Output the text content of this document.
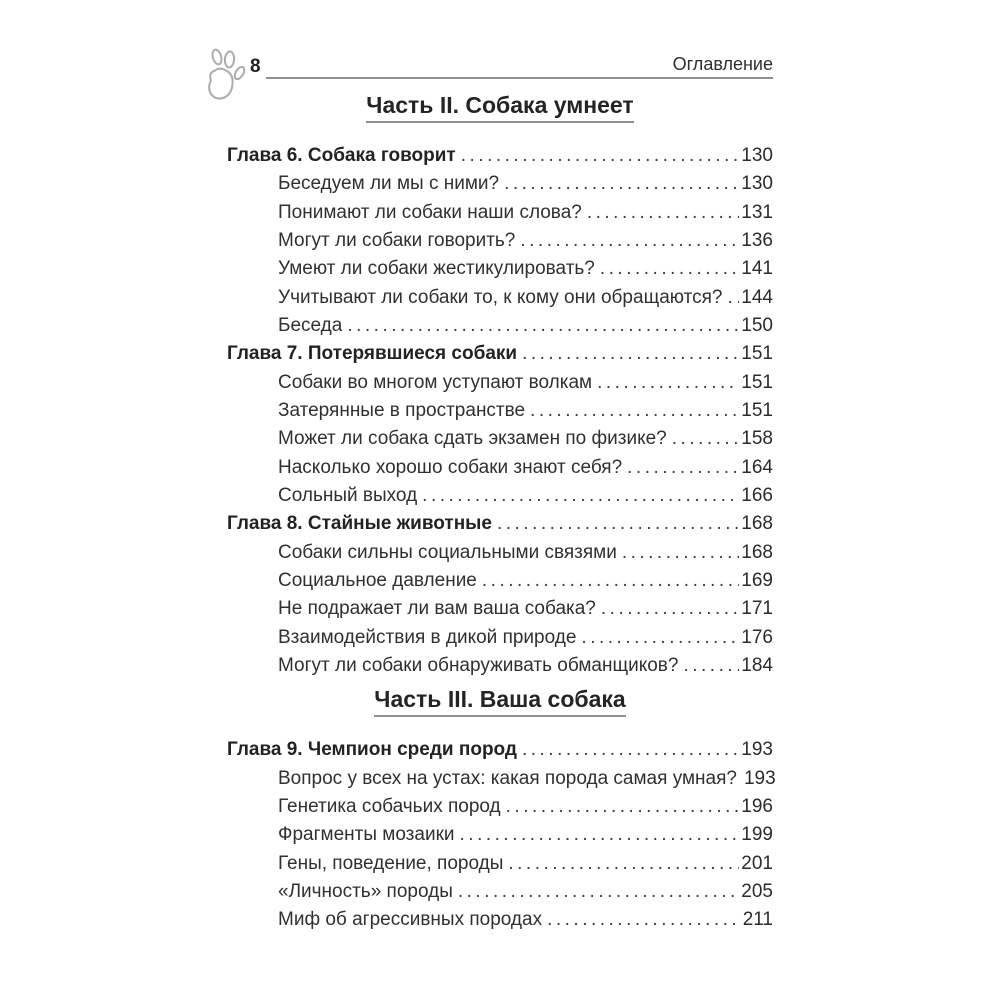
8	Оглавление
Часть II. Собака умнеет
Глава 6. Собака говорит .....	130
Беседуем ли мы с ними? .....	130
Понимают ли собаки наши слова? .....	131
Могут ли собаки говорить? .....	136
Умеют ли собаки жестикулировать? .....	141
Учитывают ли собаки то, к кому они обращаются? ..... 144
Беседа .....	150
Глава 7. Потерявшиеся собаки .....	151
Собаки во многом уступают волкам .....	151
Затерянные в пространстве .....	151
Может ли собака сдать экзамен по физике? .....	158
Насколько хорошо собаки знают себя? .....	164
Сольный выход .....	166
Глава 8. Стайные животные .....	168
Собаки сильны социальными связями .....	168
Социальное давление .....	169
Не подражает ли вам ваша собака? .....	171
Взаимодействия в дикой природе .....	176
Могут ли собаки обнаруживать обманщиков? .....	184
Часть III. Ваша собака
Глава 9. Чемпион среди пород .....	193
Вопрос у всех на устах: какая порода самая умная? 193
Генетика собачьих пород .....	196
Фрагменты мозаики .....	199
Гены, поведение, породы .....	201
«Личность» породы .....	205
Миф об агрессивных породах .....	211
